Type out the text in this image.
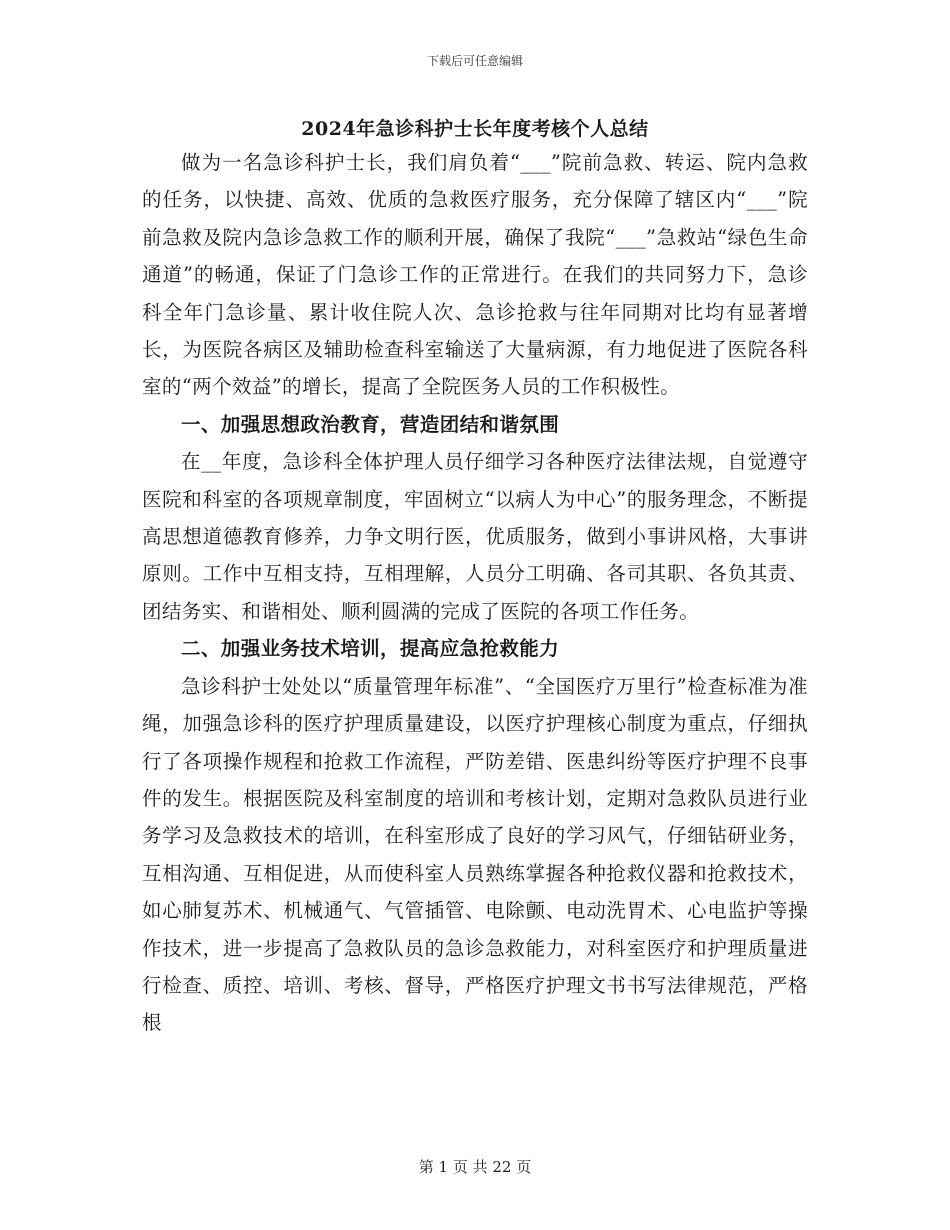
下载后可任意编辑
2024年急诊科护士长年度考核个人总结

做为一名急诊科护士长，我们肩负着“___”院前急救、转运、院内急救的任务，以快捷、高效、优质的急救医疗服务，充分保障了辖区内“___”院前急救及院内急诊急救工作的顺利开展，确保了我院“___”急救站“绿色生命通道”的畅通，保证了门急诊工作的正常进行。在我们的共同努力下，急诊科全年门急诊量、累计收住院人次、急诊抢救与往年同期对比均有显著增长，为医院各病区及辅助检查科室输送了大量病源，有力地促进了医院各科室的“两个效益”的增长，提高了全院医务人员的工作积极性。

一、加强思想政治教育，营造团结和谐氛围

在__年度，急诊科全体护理人员仔细学习各种医疗法律法规，自觉遵守医院和科室的各项规章制度，牢固树立“以病人为中心”的服务理念，不断提高思想道德教育修养，力争文明行医，优质服务，做到小事讲风格，大事讲原则。工作中互相支持，互相理解，人员分工明确、各司其职、各负其责、团结务实、和谐相处、顺利圆满的完成了医院的各项工作任务。

二、加强业务技术培训，提高应急抢救能力

急诊科护士处处以“质量管理年标准”、“全国医疗万里行”检查标准为准绳，加强急诊科的医疗护理质量建设，以医疗护理核心制度为重点，仔细执行了各项操作规程和抢救工作流程，严防差错、医患纠纷等医疗护理不良事件的发生。根据医院及科室制度的培训和考核计划，定期对急救队员进行业务学习及急救技术的培训，在科室形成了良好的学习风气，仔细钻研业务，互相沟通、互相促进，从而使科室人员熟练掌握各种抢救仪器和抢救技术，如心肺复苏术、机械通气、气管插管、电除颤、电动洗胃术、心电监护等操作技术，进一步提高了急救队员的急诊急救能力，对科室医疗和护理质量进行检查、质控、培训、考核、督导，严格医疗护理文书书写法律规范，严格根

第 1 页 共 22 页
